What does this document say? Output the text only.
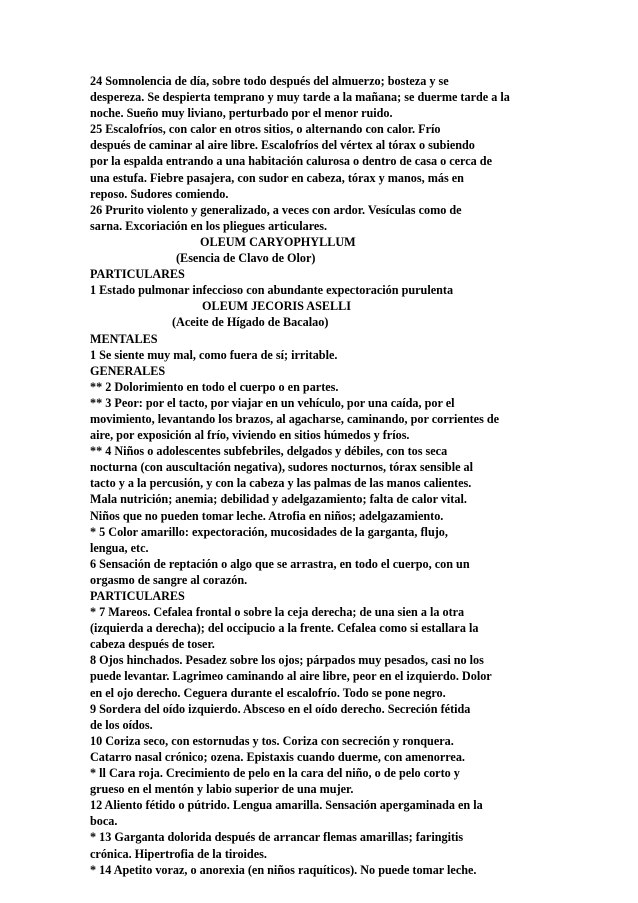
24 Somnolencia de día, sobre todo después del almuerzo; bosteza y se
despereza. Se despierta temprano y muy tarde a la mañana; se duerme tarde a la
noche. Sueño muy liviano, perturbado por el menor ruido.
25 Escalofríos, con calor en otros sitios, o alternando con calor. Frío
después de caminar al aire libre. Escalofríos del vértex al tórax o subiendo
por la espalda entrando a una habitación calurosa o dentro de casa o cerca de
una estufa. Fiebre pasajera, con sudor en cabeza, tórax y manos, más en
reposo. Sudores comiendo.
26 Prurito violento y generalizado, a veces con ardor. Vesículas como de
sarna. Excoriación en los pliegues articulares.
OLEUM CARYOPHYLLUM
(Esencia de Clavo de Olor)
PARTICULARES
1 Estado pulmonar infeccioso con abundante expectoración purulenta
OLEUM JECORIS ASELLI
(Aceite de Hígado de Bacalao)
MENTALES
1 Se siente muy mal, como fuera de sí; irritable.
GENERALES
** 2 Dolorimiento en todo el cuerpo o en partes.
** 3 Peor: por el tacto, por viajar en un vehículo, por una caída, por el
movimiento, levantando los brazos, al agacharse, caminando, por corrientes de
aire, por exposición al frío, viviendo en sitios húmedos y fríos.
** 4 Niños o adolescentes subfebriles, delgados y débiles, con tos seca
nocturna (con auscultación negativa), sudores nocturnos, tórax sensible al
tacto y a la percusión, y con la cabeza y las palmas de las manos calientes.
Mala nutrición; anemia; debilidad y adelgazamiento; falta de calor vital.
Niños que no pueden tomar leche. Atrofia en niños; adelgazamiento.
* 5 Color amarillo: expectoración, mucosidades de la garganta, flujo,
lengua, etc.
6 Sensación de reptación o algo que se arrastra, en todo el cuerpo, con un
orgasmo de sangre al corazón.
PARTICULARES
* 7 Mareos. Cefalea frontal o sobre la ceja derecha; de una sien a la otra
(izquierda a derecha); del occipucio a la frente. Cefalea como si estallara la
cabeza después de toser.
8 Ojos hinchados. Pesadez sobre los ojos; párpados muy pesados, casi no los
puede levantar. Lagrimeo caminando al aire libre, peor en el izquierdo. Dolor
en el ojo derecho. Ceguera durante el escalofrío. Todo se pone negro.
9 Sordera del oído izquierdo. Absceso en el oído derecho. Secreción fétida
de los oídos.
10 Coriza seco, con estornudas y tos. Coriza con secreción y ronquera.
Catarro nasal crónico; ozena. Epistaxis cuando duerme, con amenorrea.
* ll Cara roja. Crecimiento de pelo en la cara del niño, o de pelo corto y
grueso en el mentón y labio superior de una mujer.
12 Aliento fétido o pútrido. Lengua amarilla. Sensación apergaminada en la
boca.
* 13 Garganta dolorida después de arrancar flemas amarillas; faringitis
crónica. Hipertrofia de la tiroides.
* 14 Apetito voraz, o anorexia (en niños raquíticos). No puede tomar leche.
